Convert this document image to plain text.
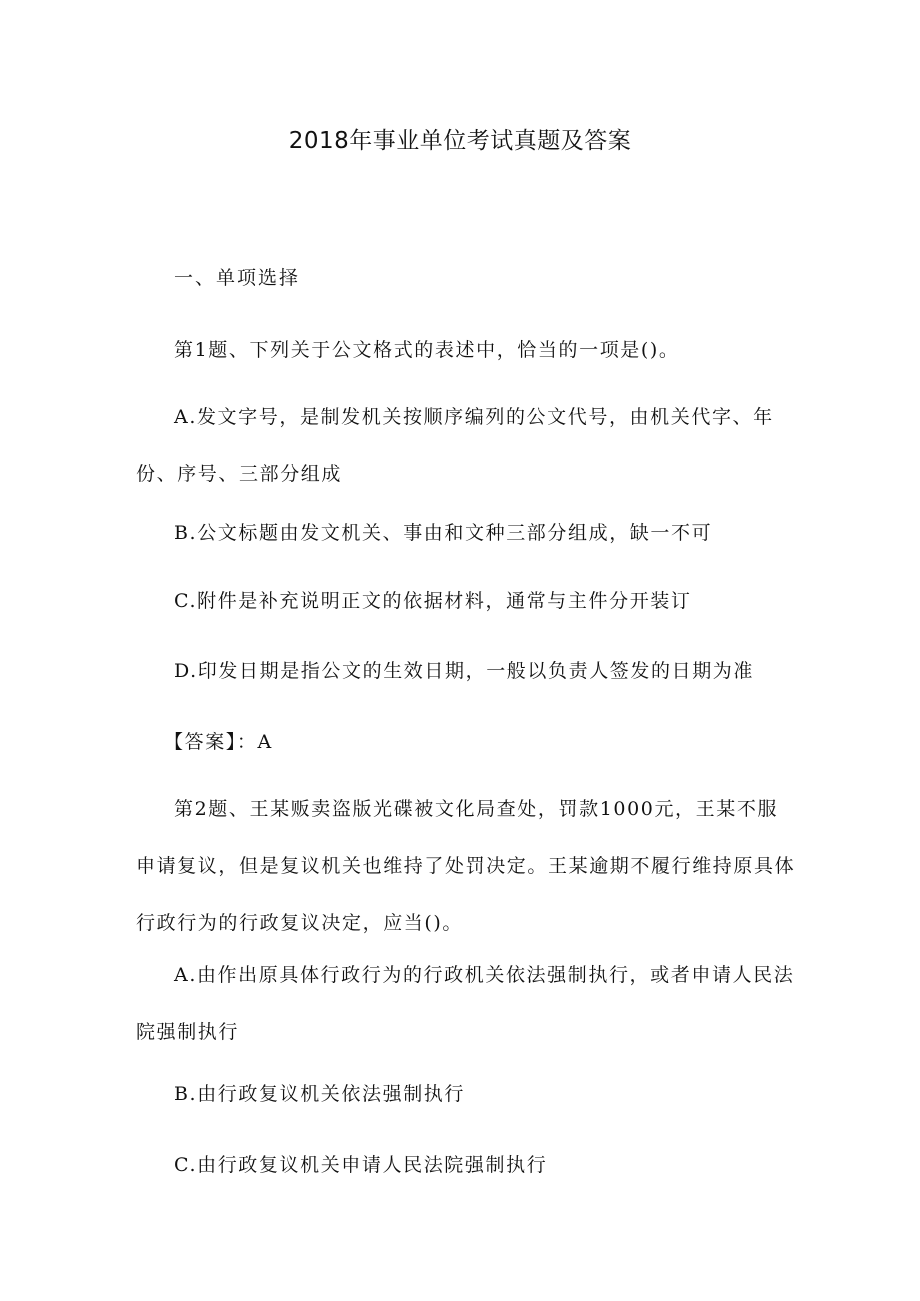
2018年事业单位考试真题及答案

一、单项选择

第1题、下列关于公文格式的表述中，恰当的一项是()。

A.发文字号，是制发机关按顺序编列的公文代号，由机关代字、年份、序号、三部分组成

B.公文标题由发文机关、事由和文种三部分组成，缺一不可

C.附件是补充说明正文的依据材料，通常与主件分开装订

D.印发日期是指公文的生效日期，一般以负责人签发的日期为准

【答案】：A

第2题、王某贩卖盗版光碟被文化局查处，罚款1000元，王某不服申请复议，但是复议机关也维持了处罚决定。王某逾期不履行维持原具体行政行为的行政复议决定，应当()。

A.由作出原具体行政行为的行政机关依法强制执行，或者申请人民法院强制执行

B.由行政复议机关依法强制执行

C.由行政复议机关申请人民法院强制执行
